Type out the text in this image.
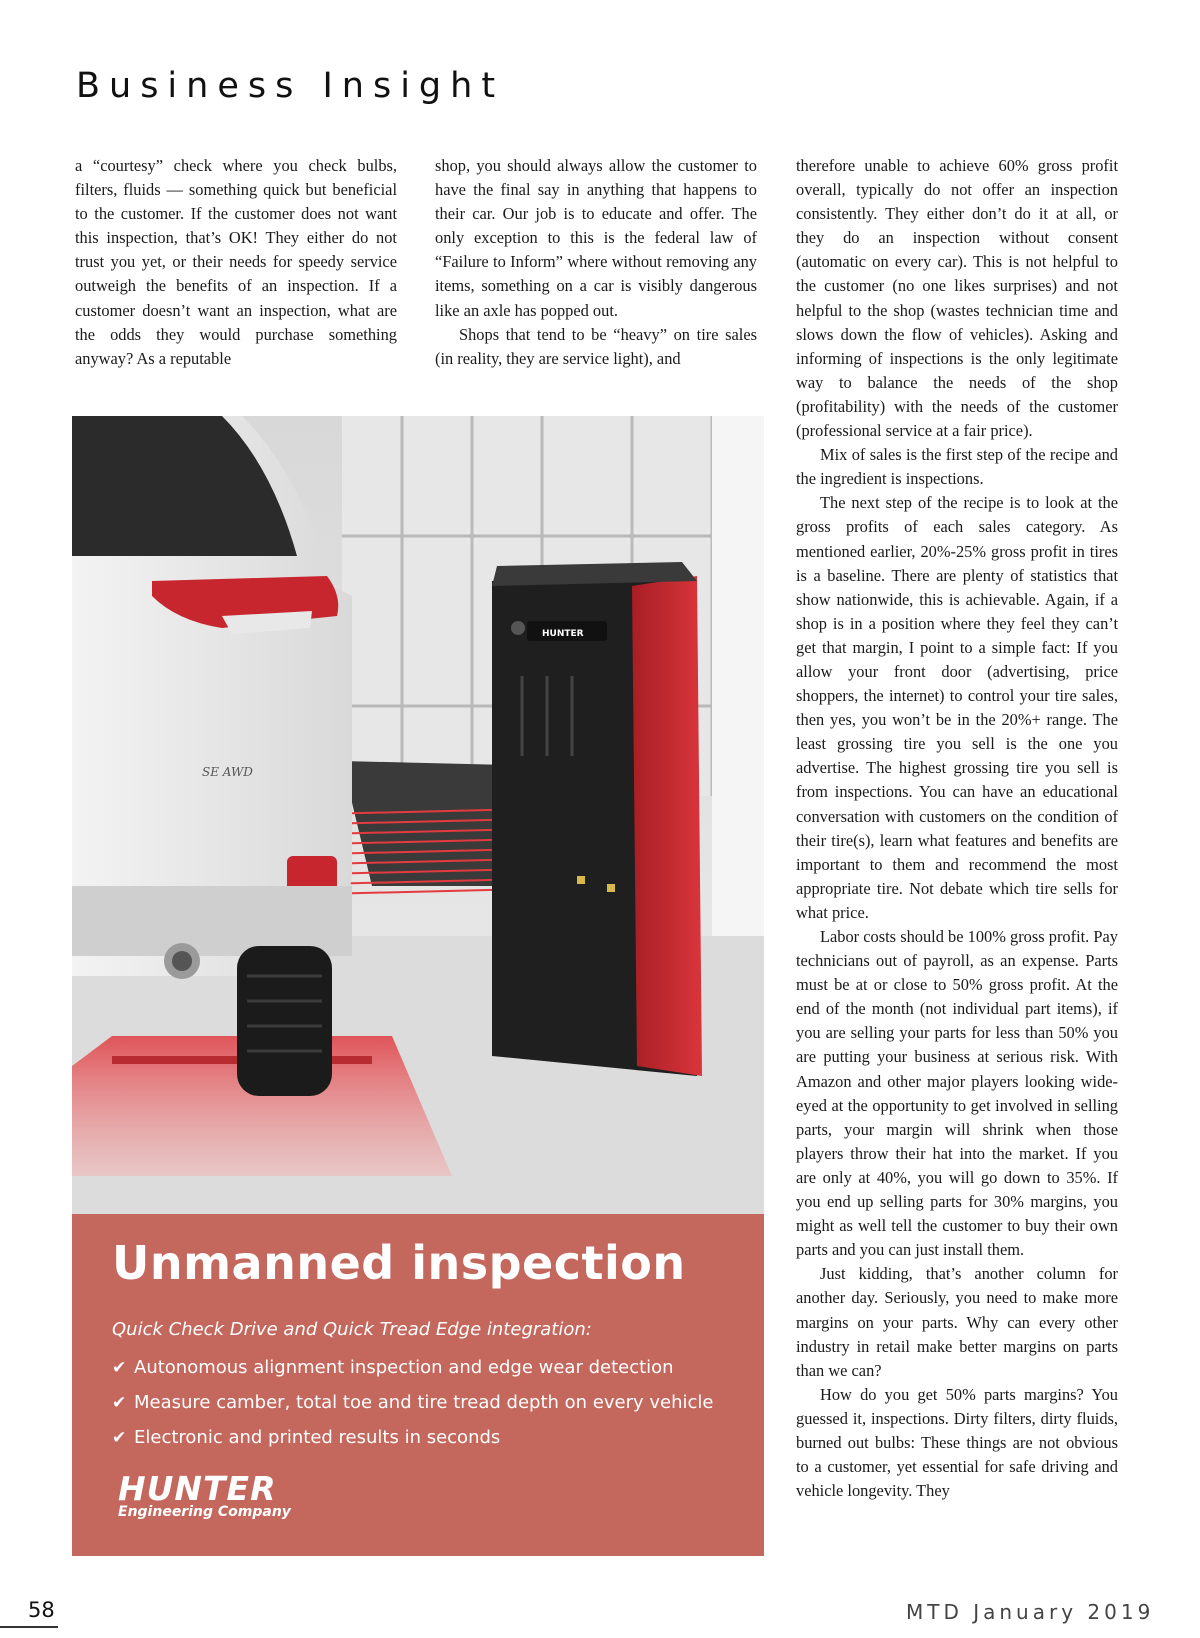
Business Insight

a “courtesy” check where you check bulbs, filters, fluids — something quick but beneficial to the customer. If the customer does not want this inspection, that’s OK! They either do not trust you yet, or their needs for speedy service outweigh the benefits of an inspection. If a customer doesn’t want an inspection, what are the odds they would purchase something anyway? As a reputable

shop, you should always allow the customer to have the final say in anything that happens to their car. Our job is to educate and offer. The only exception to this is the federal law of “Failure to Inform” where without removing any items, something on a car is visibly dangerous like an axle has popped out.

Shops that tend to be “heavy” on tire sales (in reality, they are service light), and

therefore unable to achieve 60% gross profit overall, typically do not offer an inspection consistently. They either don’t do it at all, or they do an inspection without consent (automatic on every car). This is not helpful to the customer (no one likes surprises) and not helpful to the shop (wastes technician time and slows down the flow of vehicles). Asking and informing of inspections is the only legitimate way to balance the needs of the shop (profitability) with the needs of the customer (professional service at a fair price).

Mix of sales is the first step of the recipe and the ingredient is inspections.

The next step of the recipe is to look at the gross profits of each sales category. As mentioned earlier, 20%-25% gross profit in tires is a baseline. There are plenty of statistics that show nationwide, this is achievable. Again, if a shop is in a position where they feel they can’t get that margin, I point to a simple fact: If you allow your front door (advertising, price shoppers, the internet) to control your tire sales, then yes, you won’t be in the 20%+ range. The least grossing tire you sell is the one you advertise. The highest grossing tire you sell is from inspections. You can have an educational conversation with customers on the condition of their tire(s), learn what features and benefits are important to them and recommend the most appropriate tire. Not debate which tire sells for what price.

Labor costs should be 100% gross profit. Pay technicians out of payroll, as an expense. Parts must be at or close to 50% gross profit. At the end of the month (not individual part items), if you are selling your parts for less than 50% you are putting your business at serious risk. With Amazon and other major players looking wide-eyed at the opportunity to get involved in selling parts, your margin will shrink when those players throw their hat into the market. If you are only at 40%, you will go down to 35%. If you end up selling parts for 30% margins, you might as well tell the customer to buy their own parts and you can just install them.

Just kidding, that’s another column for another day. Seriously, you need to make more margins on your parts. Why can every other industry in retail make better margins on parts than we can?

How do you get 50% parts margins? You guessed it, inspections. Dirty filters, dirty fluids, burned out bulbs: These things are not obvious to a customer, yet essential for safe driving and vehicle longevity. They

HUNTER
SE AWD
Unmanned inspection
Quick Check Drive and Quick Tread Edge integration:
✔ Autonomous alignment inspection and edge wear detection
✔ Measure camber, total toe and tire tread depth on every vehicle
✔ Electronic and printed results in seconds
HUNTER
Engineering Company
58	MTD January 2019
